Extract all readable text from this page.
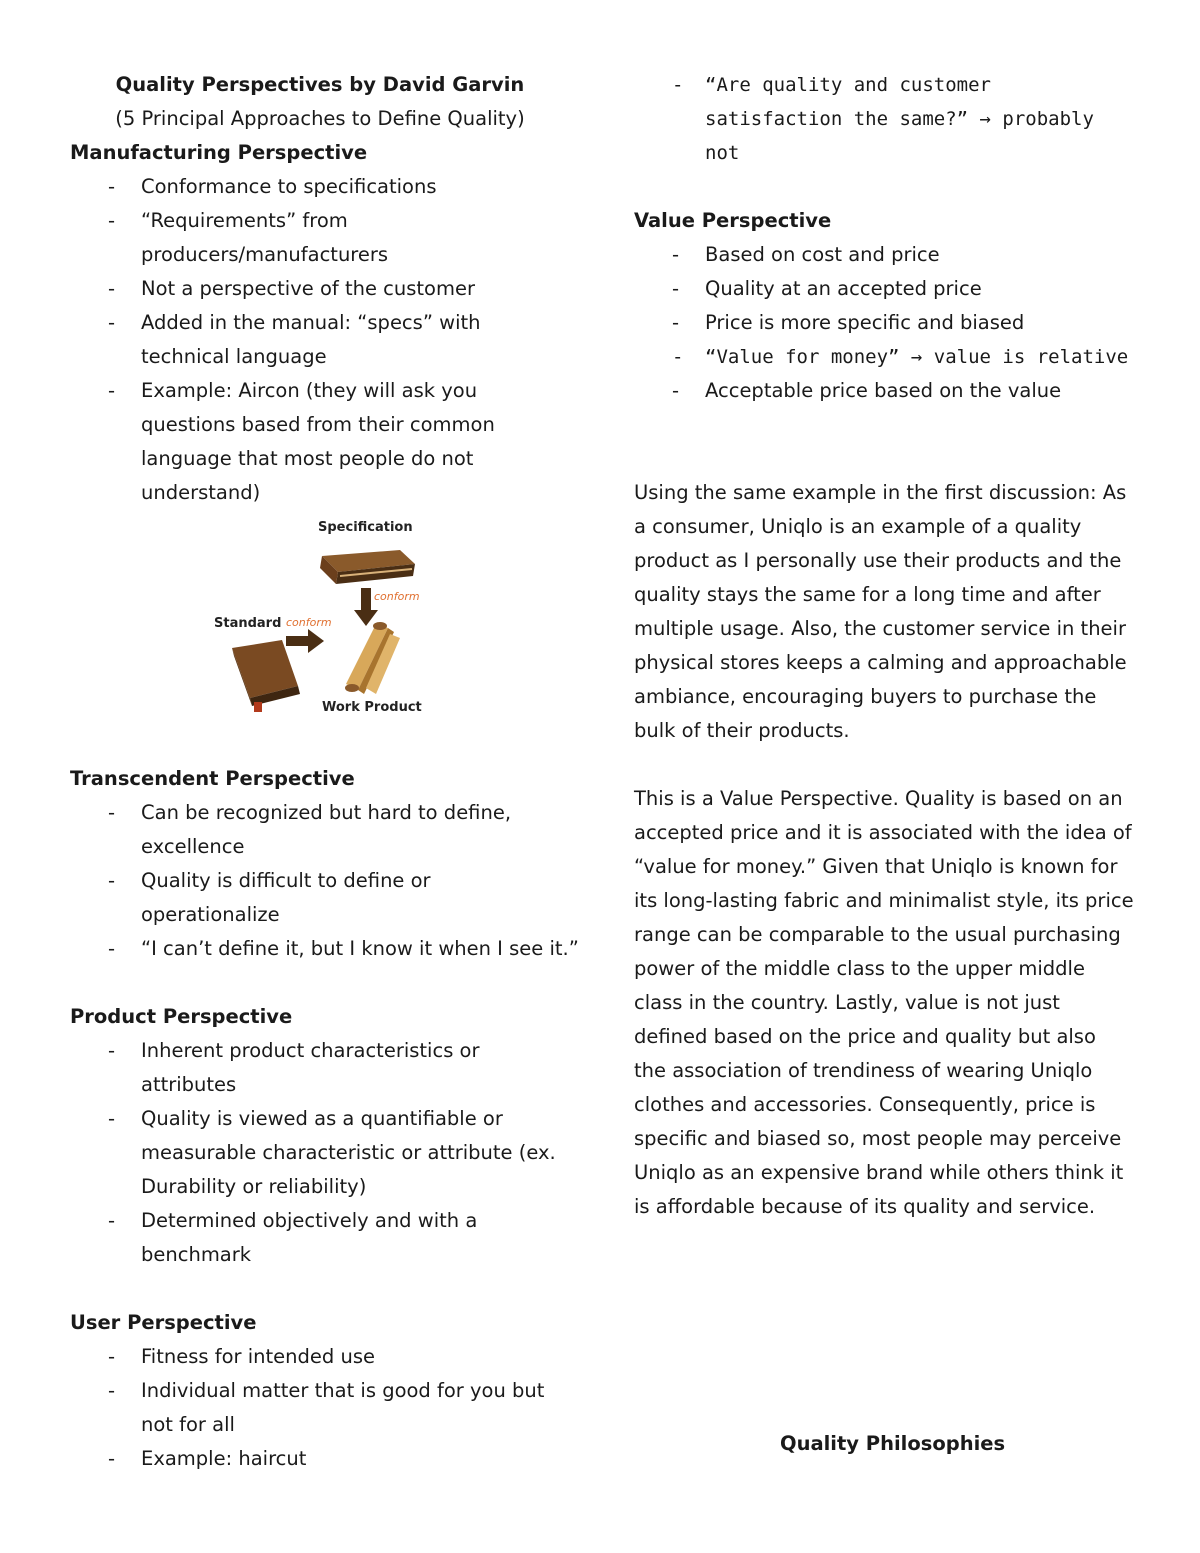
Quality Perspectives by David Garvin

(5 Principal Approaches to Define Quality)

Manufacturing Perspective

- Conformance to specifications
- “Requirements” from producers/manufacturers
- Not a perspective of the customer
- Added in the manual: “specs” with technical language
- Example: Aircon (they will ask you questions based from their common language that most people do not understand)
Specification
conform
Standard conform
Work Product

Transcendent Perspective

- Can be recognized but hard to define, excellence
- Quality is difficult to define or operationalize
- “I can’t define it, but I know it when I see it.”

Product Perspective

- Inherent product characteristics or attributes
- Quality is viewed as a quantifiable or measurable characteristic or attribute (ex. Durability or reliability)
- Determined objectively and with a benchmark

User Perspective

- Fitness for intended use
- Individual matter that is good for you but not for all
- Example: haircut
- “Are quality and customer satisfaction the same?” → probably not

Value Perspective

- Based on cost and price
- Quality at an accepted price
- Price is more specific and biased
- “Value for money” → value is relative
- Acceptable price based on the value

Using the same example in the first discussion: As a consumer, Uniqlo is an example of a quality product as I personally use their products and the quality stays the same for a long time and after multiple usage. Also, the customer service in their physical stores keeps a calming and approachable ambiance, encouraging buyers to purchase the bulk of their products.

This is a Value Perspective. Quality is based on an accepted price and it is associated with the idea of “value for money.” Given that Uniqlo is known for its long-lasting fabric and minimalist style, its price range can be comparable to the usual purchasing power of the middle class to the upper middle class in the country. Lastly, value is not just defined based on the price and quality but also the association of trendiness of wearing Uniqlo clothes and accessories. Consequently, price is specific and biased so, most people may perceive Uniqlo as an expensive brand while others think it is affordable because of its quality and service.

Quality Philosophies
